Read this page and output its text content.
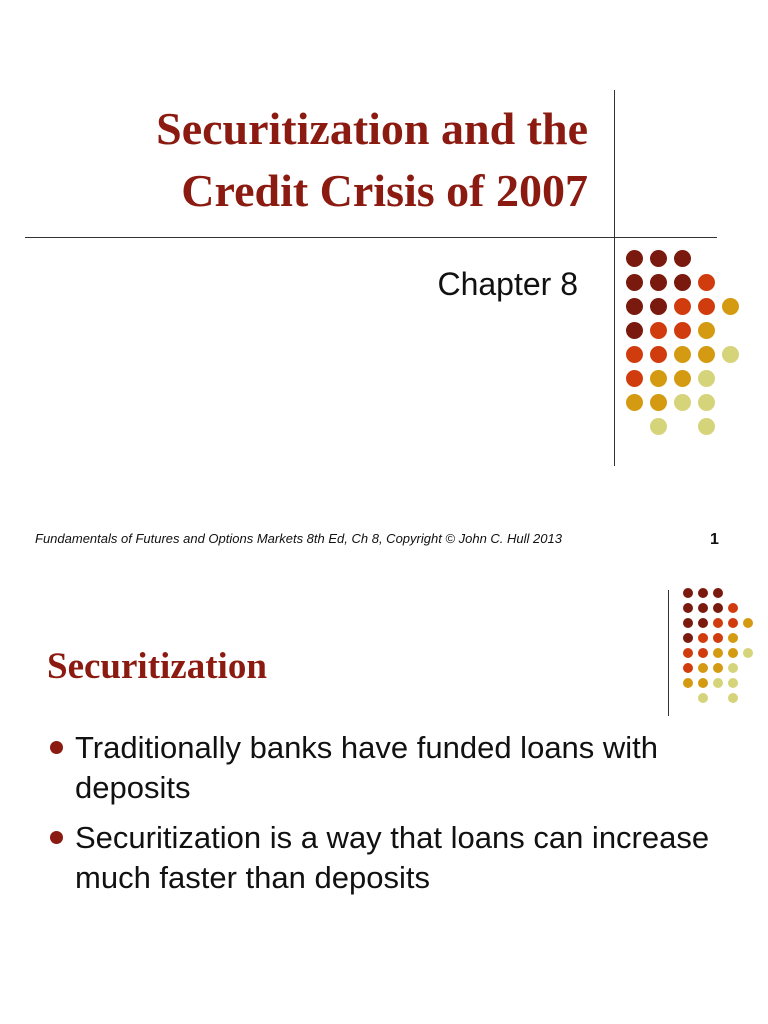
Securitization and the
Credit Crisis of 2007

Chapter 8

Fundamentals of Futures and Options Markets 8th Ed, Ch 8, Copyright © John C. Hull 2013	1
Securitization
Traditionally banks have funded loans with deposits
Securitization is a way that loans can increase much faster than deposits
